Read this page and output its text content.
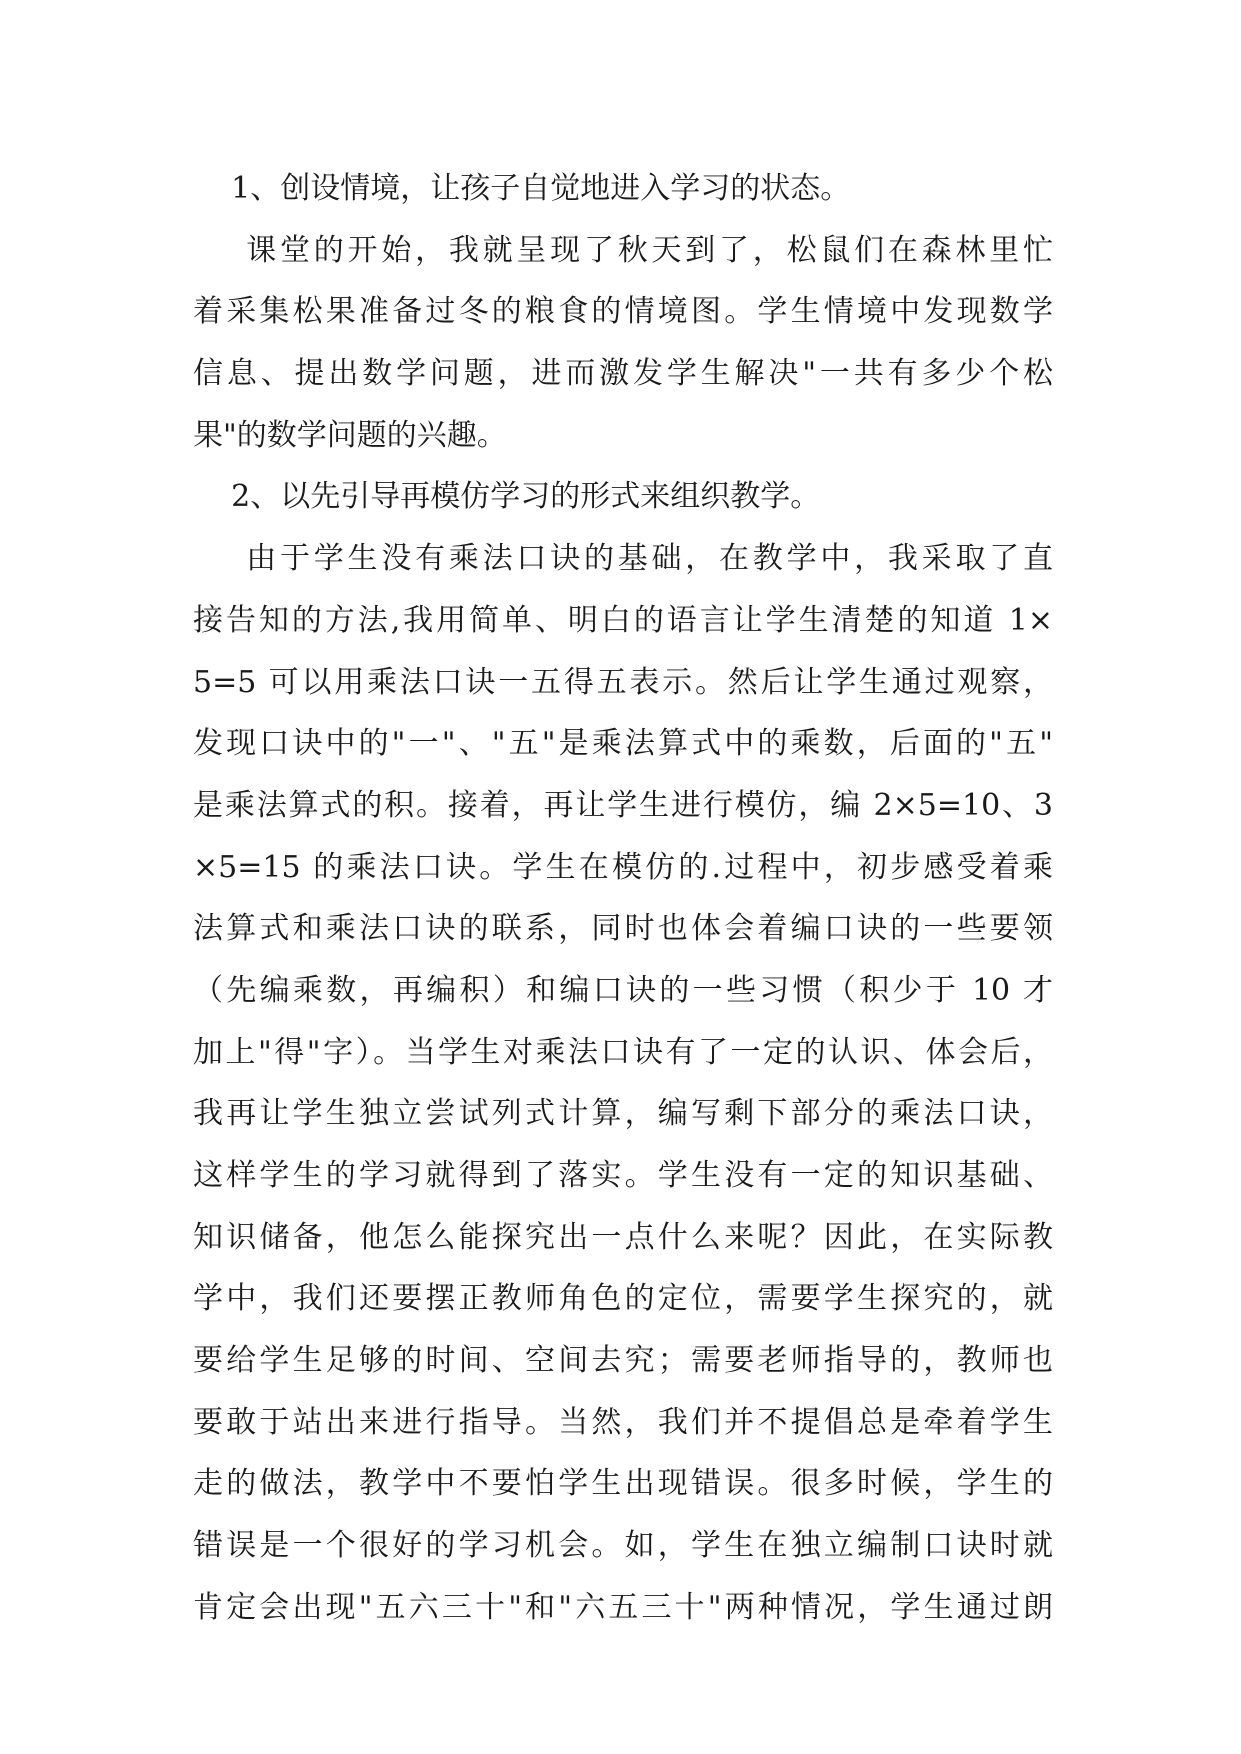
1、创设情境，让孩子自觉地进入学习的状态。
课堂的开始，我就呈现了秋天到了，松鼠们在森林里忙
着采集松果准备过冬的粮食的情境图。学生情境中发现数学
信息、提出数学问题，进而激发学生解决"一共有多少个松
果"的数学问题的兴趣。
2、以先引导再模仿学习的形式来组织教学。
由于学生没有乘法口诀的基础，在教学中，我采取了直
接告知的方法,我用简单、明白的语言让学生清楚的知道 1×
5=5 可以用乘法口诀一五得五表示。然后让学生通过观察，
发现口诀中的"一"、"五"是乘法算式中的乘数，后面的"五"
是乘法算式的积。接着，再让学生进行模仿，编 2×5=10、3
×5=15 的乘法口诀。学生在模仿的.过程中，初步感受着乘
法算式和乘法口诀的联系，同时也体会着编口诀的一些要领
（先编乘数，再编积）和编口诀的一些习惯（积少于 10 才
加上"得"字）。当学生对乘法口诀有了一定的认识、体会后，
我再让学生独立尝试列式计算，编写剩下部分的乘法口诀，
这样学生的学习就得到了落实。学生没有一定的知识基础、
知识储备，他怎么能探究出一点什么来呢？因此，在实际教
学中，我们还要摆正教师角色的定位，需要学生探究的，就
要给学生足够的时间、空间去究；需要老师指导的，教师也
要敢于站出来进行指导。当然，我们并不提倡总是牵着学生
走的做法，教学中不要怕学生出现错误。很多时候，学生的
错误是一个很好的学习机会。如，学生在独立编制口诀时就
肯定会出现"五六三十"和"六五三十"两种情况，学生通过朗
